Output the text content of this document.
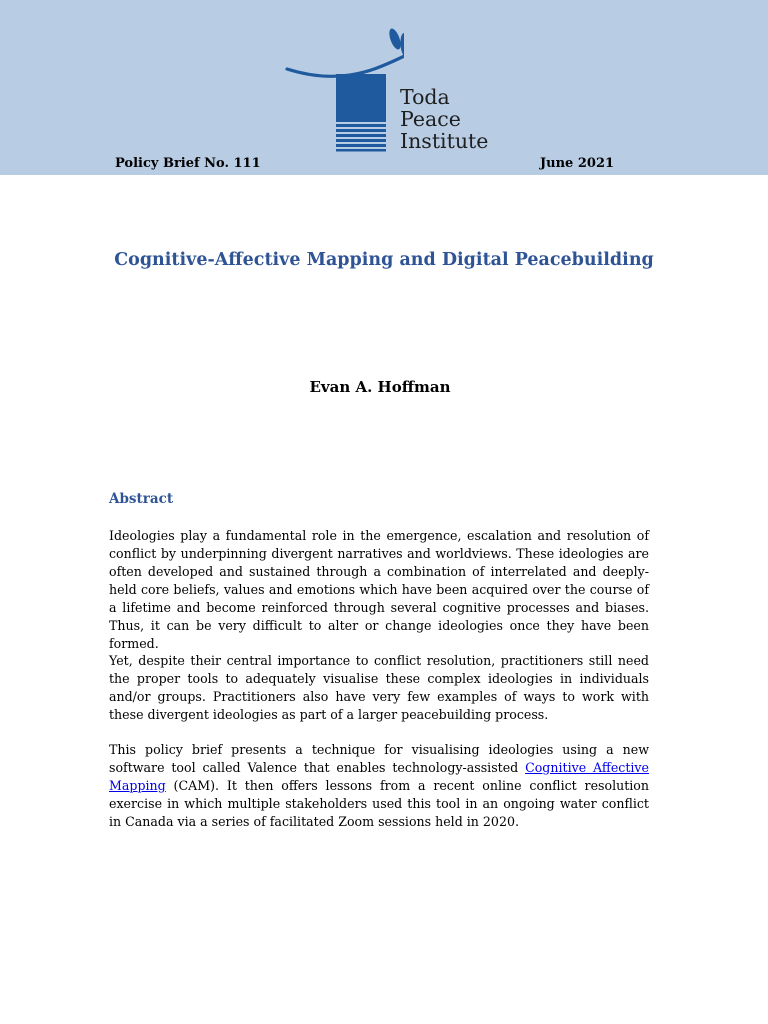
Toda
Peace
Institute
Policy Brief No. 111	June 2021
Cognitive-Affective Mapping and Digital Peacebuilding
Evan A. Hoffman
Abstract

Ideologies play a fundamental role in the emergence, escalation and resolution of conflict by underpinning divergent narratives and worldviews. These ideologies are often developed and sustained through a combination of interrelated and deeply-held core beliefs, values and emotions which have been acquired over the course of a lifetime and become reinforced through several cognitive processes and biases. Thus, it can be very difficult to alter or change ideologies once they have been formed.

Yet, despite their central importance to conflict resolution, practitioners still need the proper tools to adequately visualise these complex ideologies in individuals and/or groups. Practitioners also have very few examples of ways to work with these divergent ideologies as part of a larger peacebuilding process.

This policy brief presents a technique for visualising ideologies using a new software tool called Valence that enables technology-assisted Cognitive Affective Mapping (CAM). It then offers lessons from a recent online conflict resolution exercise in which multiple stakeholders used this tool in an ongoing water conflict in Canada via a series of facilitated Zoom sessions held in 2020.
